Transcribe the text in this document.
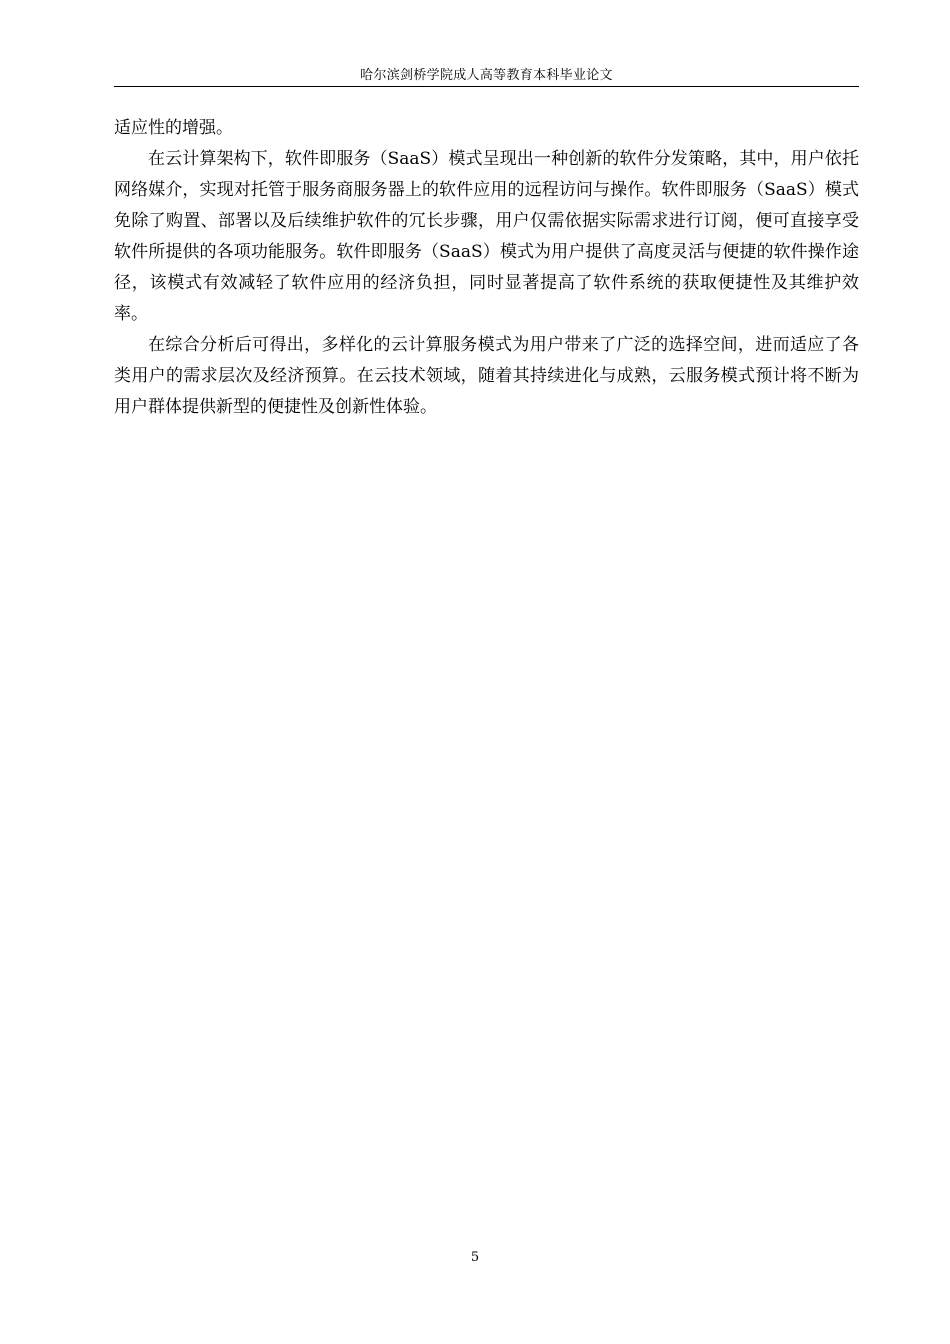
哈尔滨剑桥学院成人高等教育本科毕业论文

适应性的增强。

在云计算架构下，软件即服务（SaaS）模式呈现出一种创新的软件分发策略，其中，用户依托网络媒介，实现对托管于服务商服务器上的软件应用的远程访问与操作。软件即服务（SaaS）模式免除了购置、部署以及后续维护软件的冗长步骤，用户仅需依据实际需求进行订阅，便可直接享受软件所提供的各项功能服务。软件即服务（SaaS）模式为用户提供了高度灵活与便捷的软件操作途径，该模式有效减轻了软件应用的经济负担，同时显著提高了软件系统的获取便捷性及其维护效率。

在综合分析后可得出，多样化的云计算服务模式为用户带来了广泛的选择空间，进而适应了各类用户的需求层次及经济预算。在云技术领域，随着其持续进化与成熟，云服务模式预计将不断为用户群体提供新型的便捷性及创新性体验。

5
